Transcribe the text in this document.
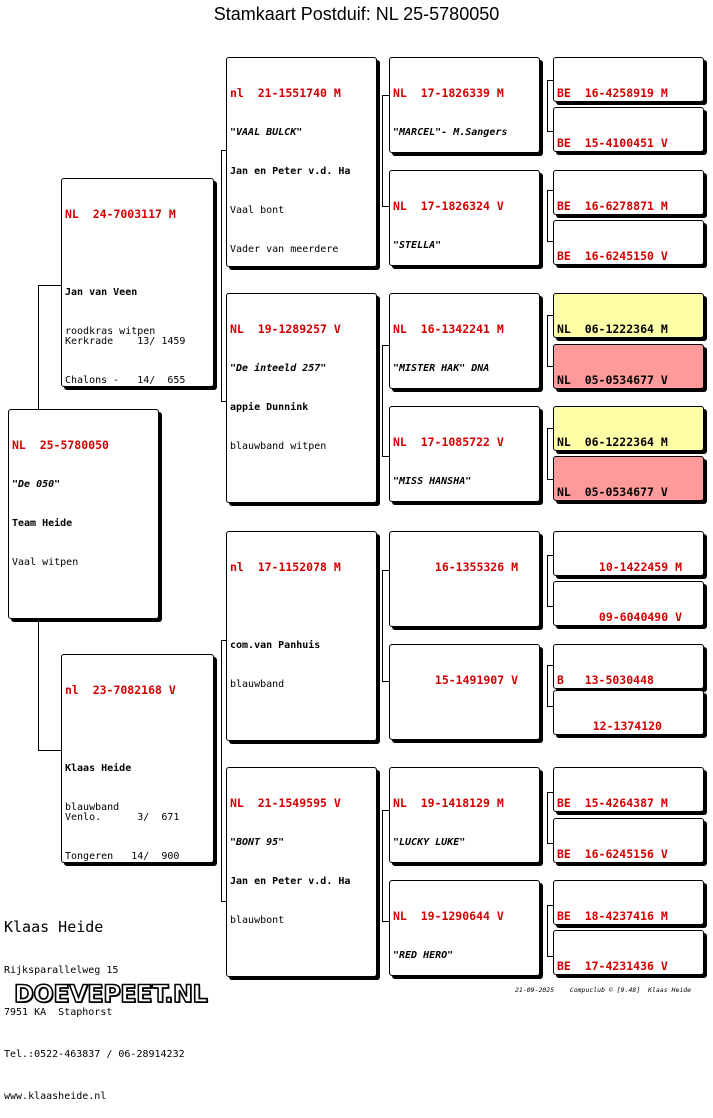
Stamkaart Postduif: NL 25-5780050

NL  25-5780050

"De 050"

Team Heide

Vaal witpen

NL  24-7003117 M

Jan van Veen

roodkras witpen

Kerkrade    13/ 1459

Chalons -   14/  655

nl  23-7082168 V

Klaas Heide

blauwband

Venlo.      3/  671

Tongeren   14/  900

nl  21-1551740 M

"VAAL BULCK"

Jan en Peter v.d. Ha

Vaal bont

Vader van meerdere

NL  19-1289257 V

"De inteeld 257"

appie Dunnink

blauwband witpen

nl  17-1152078 M

com.van Panhuis

blauwband

NL  21-1549595 V

"BONT 95"

Jan en Peter v.d. Ha

blauwbont

NL  17-1826339 M

"MARCEL"- M.Sangers

NL  17-1826324 V

"STELLA"

NL  16-1342241 M

"MISTER HAK" DNA

NL  17-1085722 V

"MISS HANSHA"

16-1355326 M

15-1491907 V

NL  19-1418129 M

"LUCKY LUKE"

NL  19-1290644 V

"RED HERO"

BE  16-4258919 M

BE  15-4100451 V

BE  16-6278871 M

BE  16-6245150 V

NL  06-1222364 M

NL  05-0534677 V

NL  06-1222364 M

NL  05-0534677 V

10-1422459 M

09-6040490 V

B   13-5030448

12-1374120

BE  15-4264387 M

BE  16-6245156 V

BE  18-4237416 M

BE  17-4231436 V

Klaas Heide

Rijksparallelweg 15

7951 KA  Staphorst

Tel.:0522-463837 / 06-28914232

www.klaasheide.nl

DOEVEPEET.NL	21-09-2025    Compuclub © [9.48]  Klaas Heide
